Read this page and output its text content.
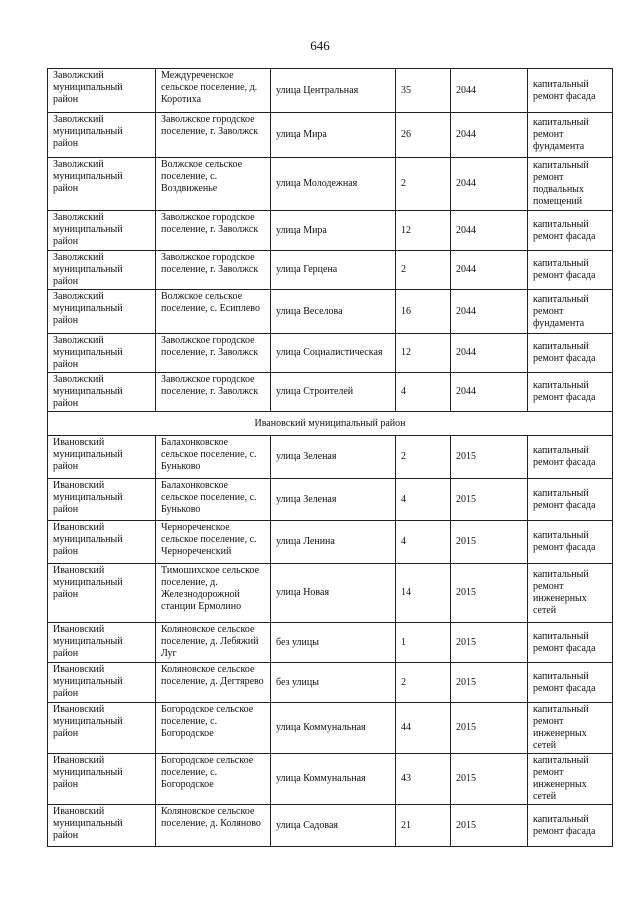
646
Заволжский муниципальный район	Междуреченское сельское поселение, д. Коротиха	улица Центральная	35	2044	капитальный ремонт фасада
Заволжский муниципальный район	Заволжское городское поселение, г. Заволжск	улица Мира	26	2044	капитальный ремонт фундамента
Заволжский муниципальный район	Волжское сельское поселение, с. Воздвиженье	улица Молодежная	2	2044	капитальный ремонт подвальных помещений
Заволжский муниципальный район	Заволжское городское поселение, г. Заволжск	улица Мира	12	2044	капитальный ремонт фасада
Заволжский муниципальный район	Заволжское городское поселение, г. Заволжск	улица Герцена	2	2044	капитальный ремонт фасада
Заволжский муниципальный район	Волжское сельское поселение, с. Есиплево	улица Веселова	16	2044	капитальный ремонт фундамента
Заволжский муниципальный район	Заволжское городское поселение, г. Заволжск	улица Социалистическая	12	2044	капитальный ремонт фасада
Заволжский муниципальный район	Заволжское городское поселение, г. Заволжск	улица Строителей	4	2044	капитальный ремонт фасада
Ивановский муниципальный район					
Ивановский муниципальный район	Балахонковское сельское поселение, с. Буньково	улица Зеленая	2	2015	капитальный ремонт фасада
Ивановский муниципальный район	Балахонковское сельское поселение, с. Буньково	улица Зеленая	4	2015	капитальный ремонт фасада
Ивановский муниципальный район	Чернореченское сельское поселение, с. Чернореченский	улица Ленина	4	2015	капитальный ремонт фасада
Ивановский муниципальный район	Тимошихское сельское поселение, д. Железнодорожной станции Ермолино	улица Новая	14	2015	капитальный ремонт инженерных сетей
Ивановский муниципальный район	Коляновское сельское поселение, д. Лебяжий Луг	без улицы	1	2015	капитальный ремонт фасада
Ивановский муниципальный район	Коляновское сельское поселение, д. Дегтярево	без улицы	2	2015	капитальный ремонт фасада
Ивановский муниципальный район	Богородское сельское поселение, с. Богородское	улица Коммунальная	44	2015	капитальный ремонт инженерных сетей
Ивановский муниципальный район	Богородское сельское поселение, с. Богородское	улица Коммунальная	43	2015	капитальный ремонт инженерных сетей
Ивановский муниципальный район	Коляновское сельское поселение, д. Коляново	улица Садовая	21	2015	капитальный ремонт фасада
